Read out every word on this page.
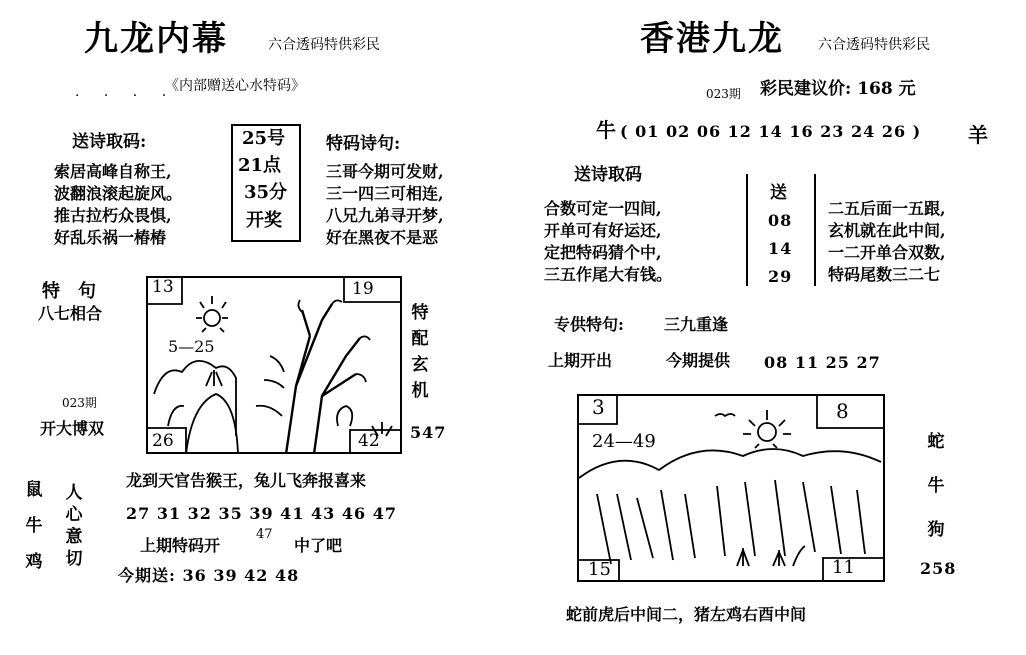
九龙内幕	六合透码特供彩民
· · · ·
《内部赠送心水特码》
送诗取码:
索居高峰自称王,
波翻浪滚起旋风。
推古拉朽众畏惧,
好乱乐祸一椿椿
25号
21点
35分
开奖
特码诗句:
三哥今期可发财,
三一四三可相连,
八兄九弟寻开梦,
好在黑夜不是恶
特　句
八七相合
023期
开大博双
13	19
26	42
5—25
特
配
玄
机
547
鼠
牛
鸡
人
心
意
切
龙到天官告猴王，兔儿飞奔报喜来
27 31 32 35 39 41 43 46 47
上期特码开
47
中了吧
今期送: 36 39 42 48
香港九龙 六合透码特供彩民
023期 彩民建议价: 168 元
牛 ( 01 02 06 12 14 16 23 24 26 ) 羊
送诗取码
合数可定一四间,
开单可有好运还,
定把特码猜个中,
三五作尾大有钱。
送
08
14
29
二五后面一五跟,
玄机就在此中间,
一二开单合双数,
特码尾数三二七
专供特句:	三九重逢
上期开出	今期提供 08 11 25 27
3	8
15	11
24—49	蛇
牛
狗
258
蛇前虎后中间二，猪左鸡右酉中间
